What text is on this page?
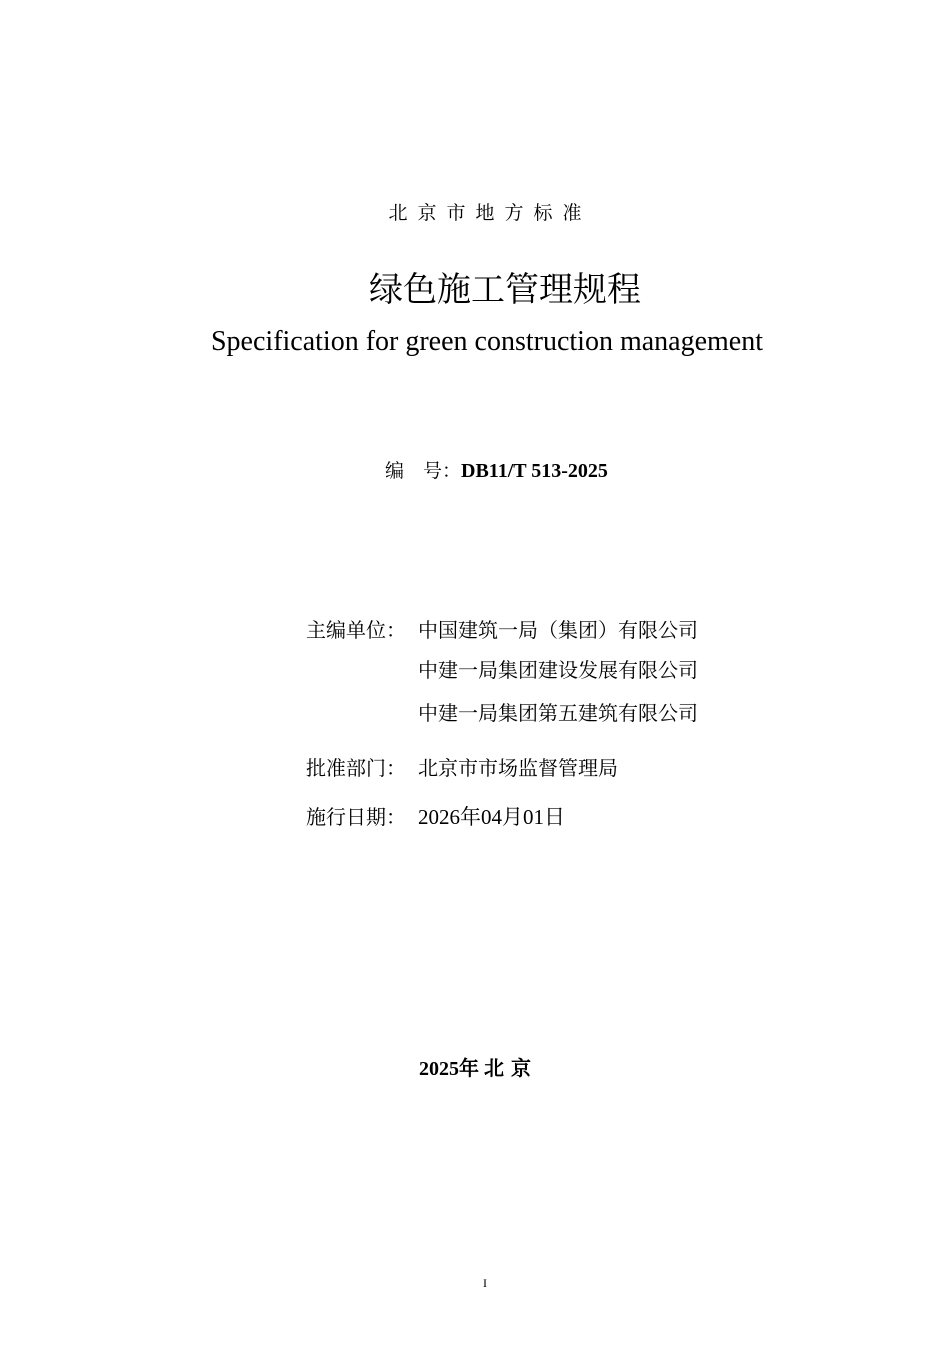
北京市地方标准
绿色施工管理规程
Specification for green construction management
编　号：DB11/T 513-2025
主编单位： 中国建筑一局（集团）有限公司
中建一局集团建设发展有限公司
中建一局集团第五建筑有限公司
批准部门： 北京市市场监督管理局
施行日期： 2026年04月01日
2025年 北 京
I
